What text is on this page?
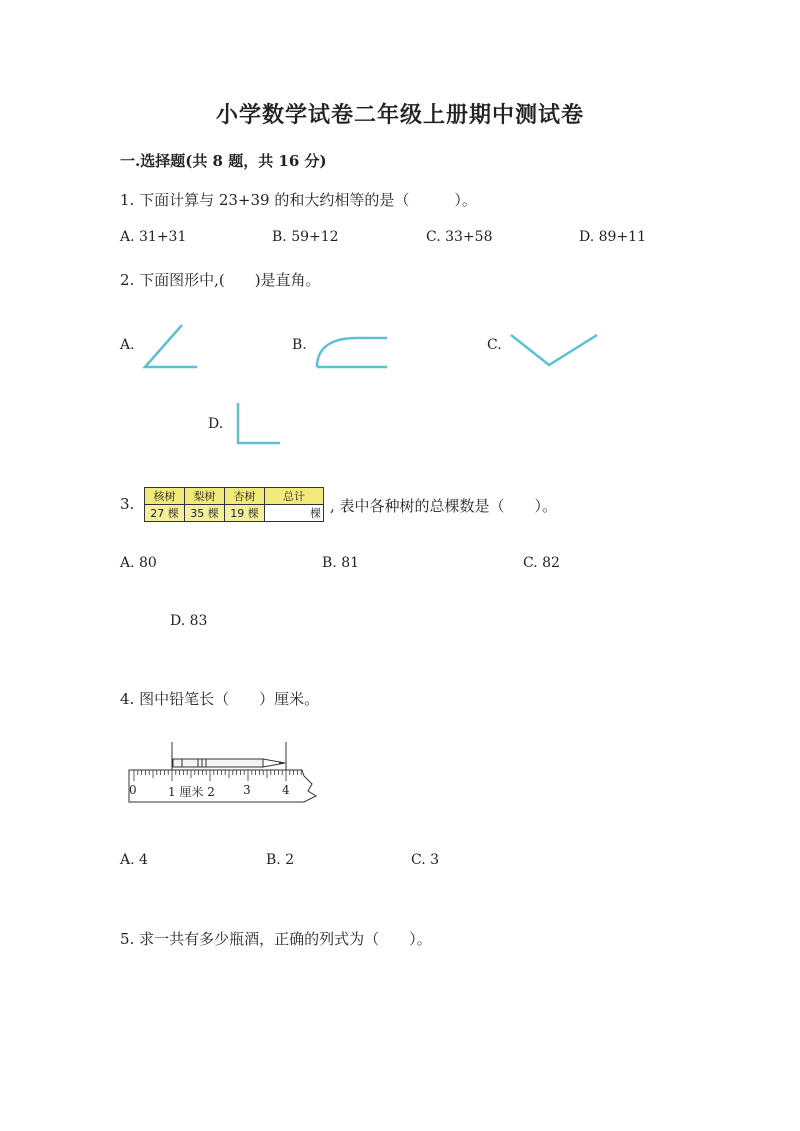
小学数学试卷二年级上册期中测试卷
一.选择题(共 8 题，共 16 分)
1. 下面计算与 23+39 的和大约相等的是（　　　）。
A. 31+31	B. 59+12	C. 33+58	D. 89+11
2. 下面图形中,(　　)是直角。
A.	B.	C.
D.
3. 核树	梨树	杏树	总计
27 棵	35 棵	19 棵	棵 , 表中各种树的总棵数是（　　）。
A. 80	B. 81	C. 82
D. 83
4. 图中铅笔长（　　）厘米。
0	1 厘米 2 3	4
A. 4	B. 2	C. 3
5. 求一共有多少瓶酒，正确的列式为（　　）。
